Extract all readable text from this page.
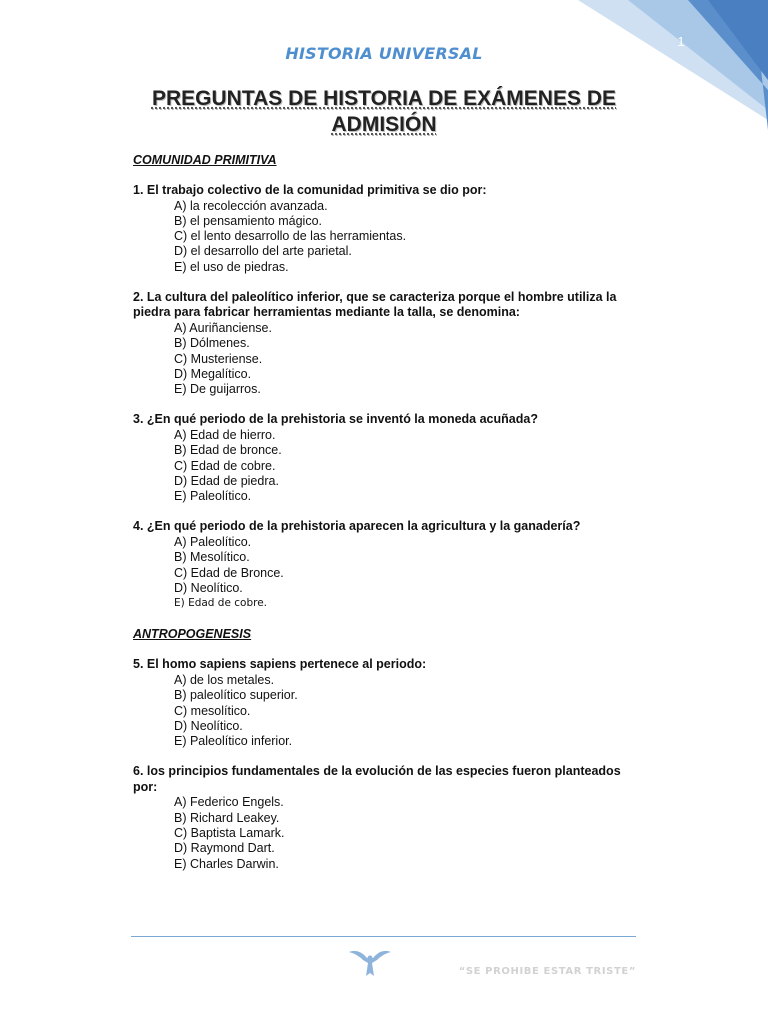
1
HISTORIA UNIVERSAL
PREGUNTAS DE HISTORIA DE EXÁMENES DE ADMISIÓN
COMUNIDAD PRIMITIVA
1. El trabajo colectivo de la comunidad primitiva se dio por:
A) la recolección avanzada.
B) el pensamiento mágico.
C) el lento desarrollo de las herramientas.
D) el desarrollo del arte parietal.
E) el uso de piedras.
2. La cultura del paleolítico inferior, que se caracteriza porque el hombre utiliza la piedra para fabricar herramientas mediante la talla, se denomina:
A) Auriñanciense.
B) Dólmenes.
C) Musteriense.
D) Megalítico.
E) De guijarros.
3. ¿En qué periodo de la prehistoria se inventó la moneda acuñada?
A) Edad de hierro.
B) Edad de bronce.
C) Edad de cobre.
D) Edad de piedra.
E) Paleolítico.
4. ¿En qué periodo de la prehistoria aparecen la agricultura y la ganadería?
A) Paleolítico.
B) Mesolítico.
C) Edad de Bronce.
D) Neolítico.
E) Edad de cobre.
ANTROPOGENESIS
5. El homo sapiens sapiens pertenece al periodo:
A) de los metales.
B) paleolítico superior.
C) mesolítico.
D) Neolítico.
E) Paleolítico inferior.
6. los principios fundamentales de la evolución de las especies fueron planteados por:
A) Federico Engels.
B) Richard Leakey.
C) Baptista Lamark.
D) Raymond Dart.
E) Charles Darwin.
“SE PROHIBE ESTAR TRISTE”
